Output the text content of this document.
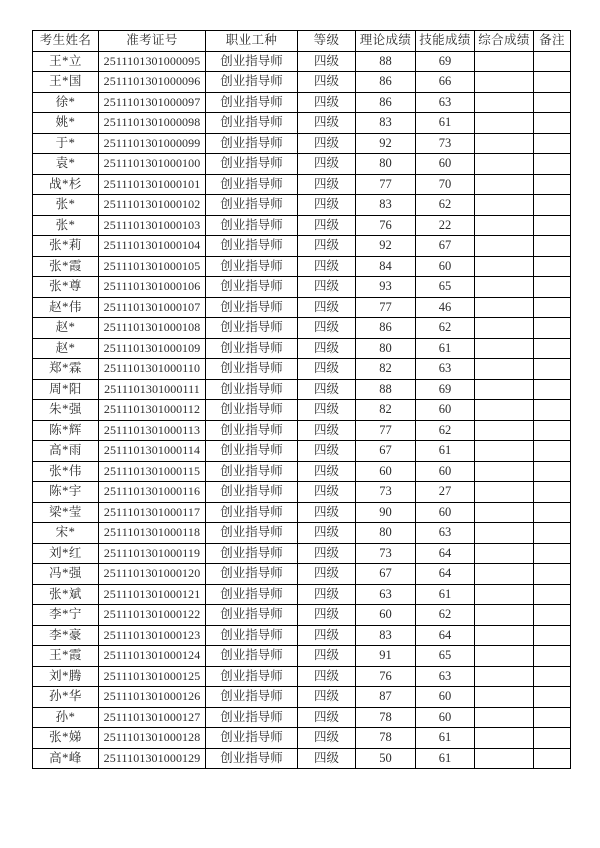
考生姓名	准考证号	职业工种	等级	理论成绩	技能成绩	综合成绩	备注
王*立	2511101301000095	创业指导师	四级	88	69		
王*国	2511101301000096	创业指导师	四级	86	66		
徐*	2511101301000097	创业指导师	四级	86	63		
姚*	2511101301000098	创业指导师	四级	83	61		
于*	2511101301000099	创业指导师	四级	92	73		
袁*	2511101301000100	创业指导师	四级	80	60		
战*杉	2511101301000101	创业指导师	四级	77	70		
张*	2511101301000102	创业指导师	四级	83	62		
张*	2511101301000103	创业指导师	四级	76	22		
张*莉	2511101301000104	创业指导师	四级	92	67		
张*霞	2511101301000105	创业指导师	四级	84	60		
张*尊	2511101301000106	创业指导师	四级	93	65		
赵*伟	2511101301000107	创业指导师	四级	77	46		
赵*	2511101301000108	创业指导师	四级	86	62		
赵*	2511101301000109	创业指导师	四级	80	61		
郑*霖	2511101301000110	创业指导师	四级	82	63		
周*阳	2511101301000111	创业指导师	四级	88	69		
朱*强	2511101301000112	创业指导师	四级	82	60		
陈*辉	2511101301000113	创业指导师	四级	77	62		
高*雨	2511101301000114	创业指导师	四级	67	61		
张*伟	2511101301000115	创业指导师	四级	60	60		
陈*宇	2511101301000116	创业指导师	四级	73	27		
梁*莹	2511101301000117	创业指导师	四级	90	60		
宋*	2511101301000118	创业指导师	四级	80	63		
刘*红	2511101301000119	创业指导师	四级	73	64		
冯*强	2511101301000120	创业指导师	四级	67	64		
张*斌	2511101301000121	创业指导师	四级	63	61		
李*宁	2511101301000122	创业指导师	四级	60	62		
李*豪	2511101301000123	创业指导师	四级	83	64		
王*霞	2511101301000124	创业指导师	四级	91	65		
刘*腾	2511101301000125	创业指导师	四级	76	63		
孙*华	2511101301000126	创业指导师	四级	87	60		
孙*	2511101301000127	创业指导师	四级	78	60		
张*娣	2511101301000128	创业指导师	四级	78	61		
高*峰	2511101301000129	创业指导师	四级	50	61		
